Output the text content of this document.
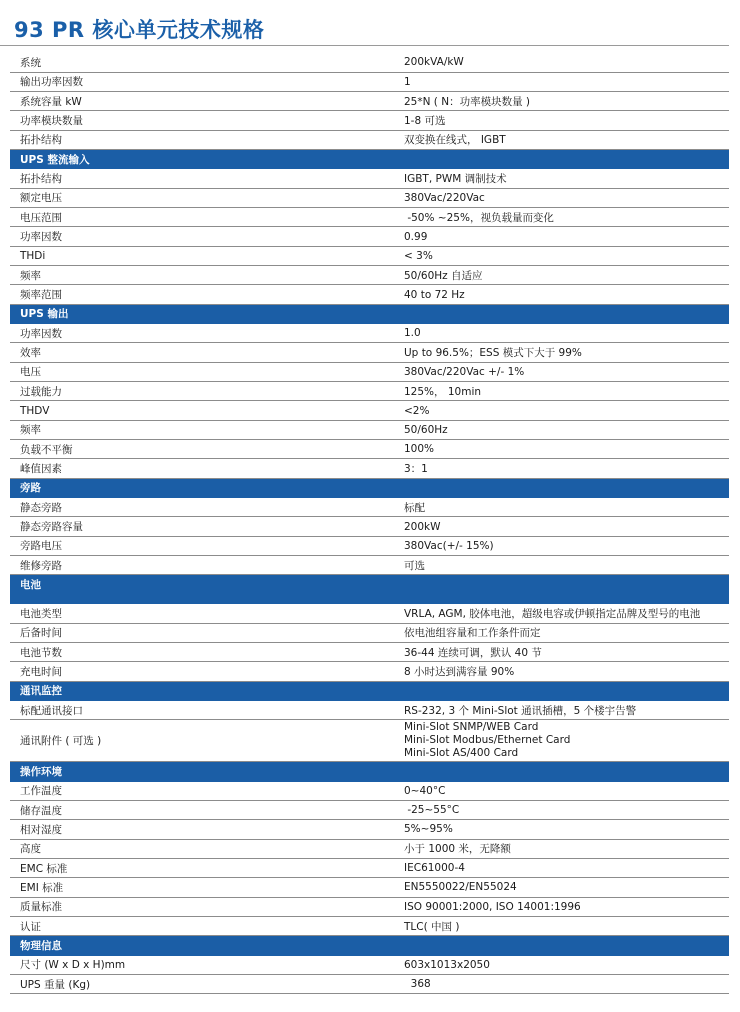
93 PR 核心单元技术规格
系统	200kVA/kW
输出功率因数	1
系统容量 kW	25*N ( N：功率模块数量 )
功率模块数量	1-8 可选
拓扑结构	双变换在线式， IGBT
UPS 整流输入	
拓扑结构	IGBT, PWM 调制技术
额定电压	380Vac/220Vac
电压范围	-50% ~25%，视负载量而变化
功率因数	0.99
THDi	< 3%
频率	50/60Hz 自适应
频率范围	40 to 72 Hz
UPS 输出	
功率因数	1.0
效率	Up to 96.5%；ESS 模式下大于 99%
电压	380Vac/220Vac +/- 1%
过载能力	125%， 10min
THDV	<2%
频率	50/60Hz
负载不平衡	100%
峰值因素	3：1
旁路	
静态旁路	标配
静态旁路容量	200kW
旁路电压	380Vac(+/- 15%)
维修旁路	可选
电池	
电池类型	VRLA, AGM, 胶体电池，超级电容或伊顿指定品牌及型号的电池
后备时间	依电池组容量和工作条件而定
电池节数	36-44 连续可调，默认 40 节
充电时间	8 小时达到满容量 90%
通讯监控	
标配通讯接口	RS-232, 3 个 Mini-Slot 通讯插槽，5 个楼宇告警
通讯附件 ( 可选 )	Mini-Slot SNMP/WEB Card
Mini-Slot Modbus/Ethernet Card
Mini-Slot AS/400 Card

操作环境	
工作温度	0~40°C
储存温度	-25~55°C
相对湿度	5%~95%
高度	小于 1000 米，无降额
EMC 标准	IEC61000-4
EMI 标准	EN5550022/EN55024
质量标准	ISO 90001:2000, ISO 14001:1996
认证	TLC( 中国 )
物理信息	
尺寸 (W x D x H)mm	603x1013x2050
UPS 重量 (Kg)	368
